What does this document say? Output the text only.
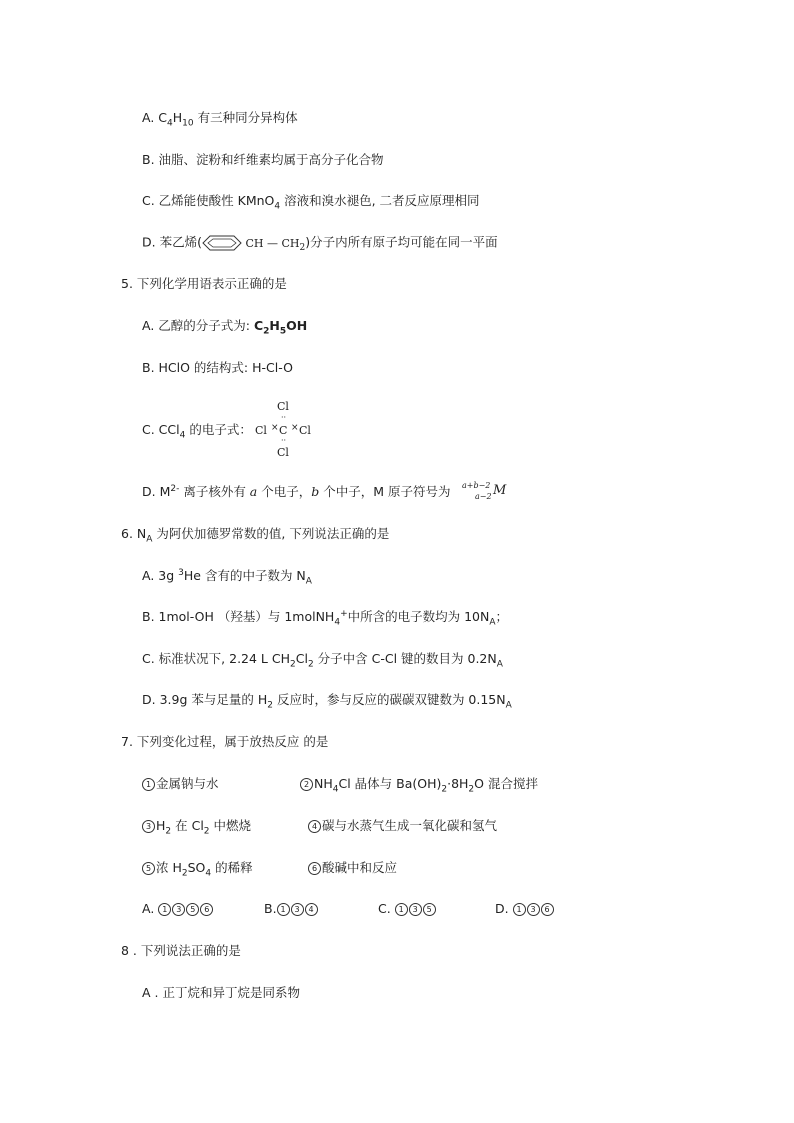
A. $C_4H_{10}$ 有三种同分异构体
B. 油脂、淀粉和纤维素均属于高分子化合物
C. 乙烯能使酸性 KMnO$_4$ 溶液和溴水褪色, 二者反应原理相同
D. 苯乙烯(	CH — $CH_2$)分子内所有原子均可能在同一平面
5. 下列化学用语表示正确的是
A. 乙醇的分子式为: $C_2H_5OH$
B. HClO 的结构式: H-Cl-O
C. CCl$_4$ 的电子式：
Cl
··
Cl × C × Cl
··
Cl
D. $M^{2-}$ 离子核外有 a 个电子，b 个中子，M 原子符号为 a+b−2
a−2 M
6. $N_A$ 为阿伏加德罗常数的值, 下列说法正确的是
A. 3g $^3$He 含有的中子数为 $N_A$
B. 1mol-OH （羟基）与 1molNH$_4$+中所含的电子数均为 $10N_A$；
C. 标准状况下, 2.24 L $CH_2Cl_2$ 分子中含 C-Cl 键的数目为 $0.2N_A$
D. 3.9g 苯与足量的 $H_2$ 反应时，参与反应的碳碳双键数为 $0.15N_A$
7. 下列变化过程，属于放热反应 的是
1 金属钠与水	2 $NH_4Cl$ 晶体与 $Ba(OH)_2\cdot 8H_2O$ 混合搅拌
3 $H_2$ 在 $Cl_2$ 中燃烧	4 碳与水蒸气生成一氧化碳和氢气
5 浓 $H_2SO_4$ 的稀释	6 酸碱中和反应
A. 1 3 5 6	B. 1 3 4	C. 1 3 5	D. 1 3 6
8 . 下列说法正确的是
A . 正丁烷和异丁烷是同系物
